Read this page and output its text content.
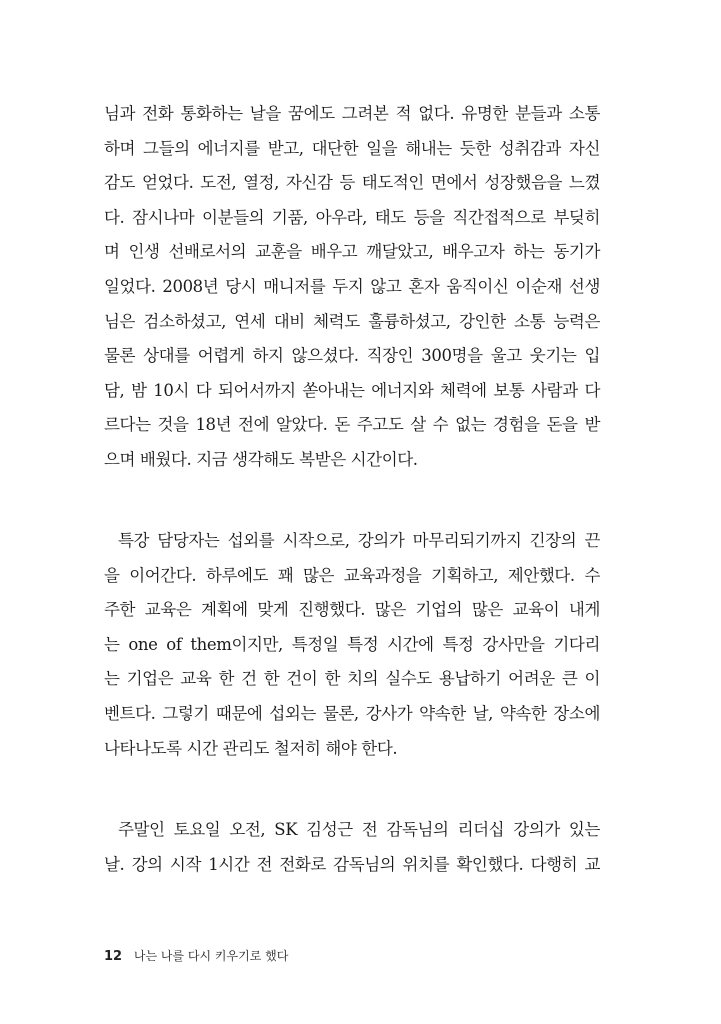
님과 전화 통화하는 날을 꿈에도 그려본 적 없다. 유명한 분들과 소통
하며 그들의 에너지를 받고, 대단한 일을 해내는 듯한 성취감과 자신
감도 얻었다. 도전, 열정, 자신감 등 태도적인 면에서 성장했음을 느꼈
다. 잠시나마 이분들의 기품, 아우라, 태도 등을 직간접적으로 부딪히
며 인생 선배로서의 교훈을 배우고 깨달았고, 배우고자 하는 동기가
일었다. 2008년 당시 매니저를 두지 않고 혼자 움직이신 이순재 선생
님은 검소하셨고, 연세 대비 체력도 훌륭하셨고, 강인한 소통 능력은
물론 상대를 어렵게 하지 않으셨다. 직장인 300명을 울고 웃기는 입
담, 밤 10시 다 되어서까지 쏟아내는 에너지와 체력에 보통 사람과 다
르다는 것을 18년 전에 알았다. 돈 주고도 살 수 없는 경험을 돈을 받
으며 배웠다. 지금 생각해도 복받은 시간이다.
특강 담당자는 섭외를 시작으로, 강의가 마무리되기까지 긴장의 끈
을 이어간다. 하루에도 꽤 많은 교육과정을 기획하고, 제안했다. 수
주한 교육은 계획에 맞게 진행했다. 많은 기업의 많은 교육이 내게
는 one of them이지만, 특정일 특정 시간에 특정 강사만을 기다리
는 기업은 교육 한 건 한 건이 한 치의 실수도 용납하기 어려운 큰 이
벤트다. 그렇기 때문에 섭외는 물론, 강사가 약속한 날, 약속한 장소에
나타나도록 시간 관리도 철저히 해야 한다.
주말인 토요일 오전, SK 김성근 전 감독님의 리더십 강의가 있는
날. 강의 시작 1시간 전 전화로 감독님의 위치를 확인했다. 다행히 교
12 나는 나를 다시 키우기로 했다
